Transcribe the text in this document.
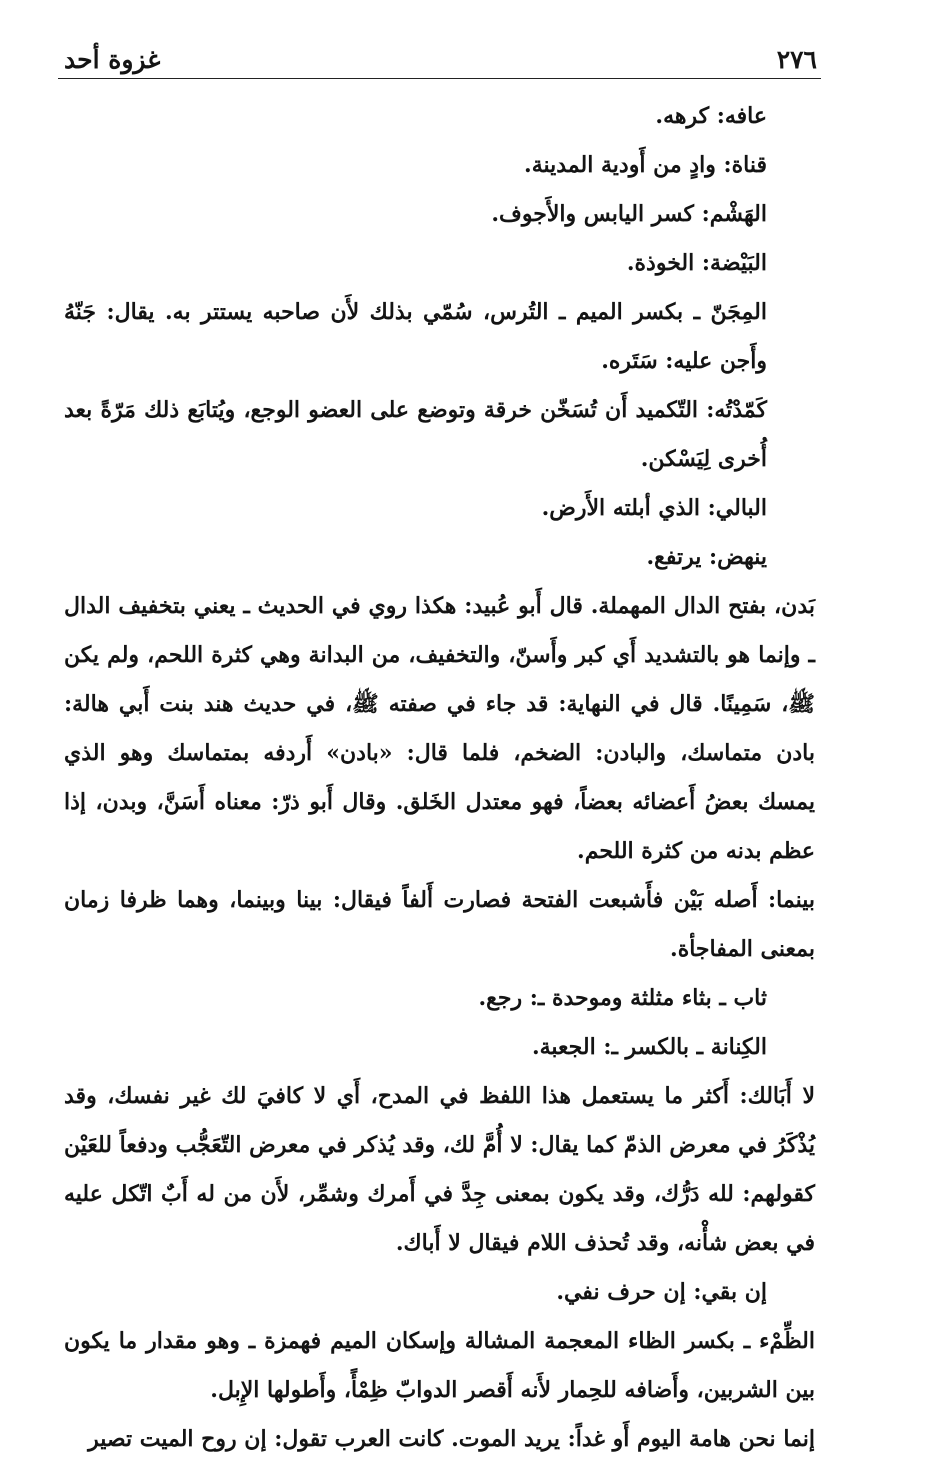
٢٧٦
غزوة أحد

عافه: كرهه.

قناة: وادٍ من أَودية المدينة.

الهَشْم: كسر اليابس والأَجوف.

البَيْضة: الخوذة.

المِجَنّ ـ بكسر الميم ـ التُرس، سُمّي بذلك لأَن صاحبه يستتر به. يقال: جَنّهُ وأَجن عليه: سَتَره.

كَمّدْتُه: التّكميد أَن تُسَخّن خرقة وتوضع على العضو الوجع، ويُتابَع ذلك مَرّةً بعد أُخرى لِيَسْكن.

البالي: الذي أبلته الأَرض.

ينهض: يرتفع.

بَدن، بفتح الدال المهملة. قال أَبو عُبيد: هكذا روي في الحديث ـ يعني بتخفيف الدال ـ وإنما هو بالتشديد أَي كبر وأَسنّ، والتخفيف، من البدانة وهي كثرة اللحم، ولم يكن ﷺ، سَمِينًا. قال في النهاية: قد جاء في صفته ﷺ، في حديث هند بنت أَبي هالة: بادن متماسك، والبادن: الضخم، فلما قال: «بادن» أَردفه بمتماسك وهو الذي يمسك بعضُ أَعضائه بعضاً، فهو معتدل الخَلق. وقال أَبو ذرّ: معناه أَسَنَّ، وبدن، إذا عظم بدنه من كثرة اللحم.

بينما: أَصله بَيْن فأَشبعت الفتحة فصارت أَلفاً فيقال: بينا وبينما، وهما ظرفا زمان بمعنى المفاجأة.

ثاب ـ بثاء مثلثة وموحدة ـ: رجع.

الكِنانة ـ بالكسر ـ: الجعبة.

لا أَبَالك: أَكثر ما يستعمل هذا اللفظ في المدح، أَي لا كافيَ لك غير نفسك، وقد يُذْكَرُ في معرض الذمّ كما يقال: لا أُمَّ لك، وقد يُذكر في معرض التّعَجُّب ودفعاً للعَيْن كقولهم: لله دَرُّك، وقد يكون بمعنى جِدَّ في أَمرك وشمِّر، لأَن من له أَبٌ اتّكل عليه في بعض شأْنه، وقد تُحذف اللام فيقال لا أَباك.

إن بقي: إن حرف نفي.

الظِّمْء ـ بكسر الظاء المعجمة المشالة وإسكان الميم فهمزة ـ وهو مقدار ما يكون بين الشربين، وأَضافه للحِمار لأَنه أَقصر الدوابّ ظِمْأً، وأَطولها الإِبل.

إنما نحن هامة اليوم أَو غداً: يريد الموت. كانت العرب تقول: إن روح الميت تصير
